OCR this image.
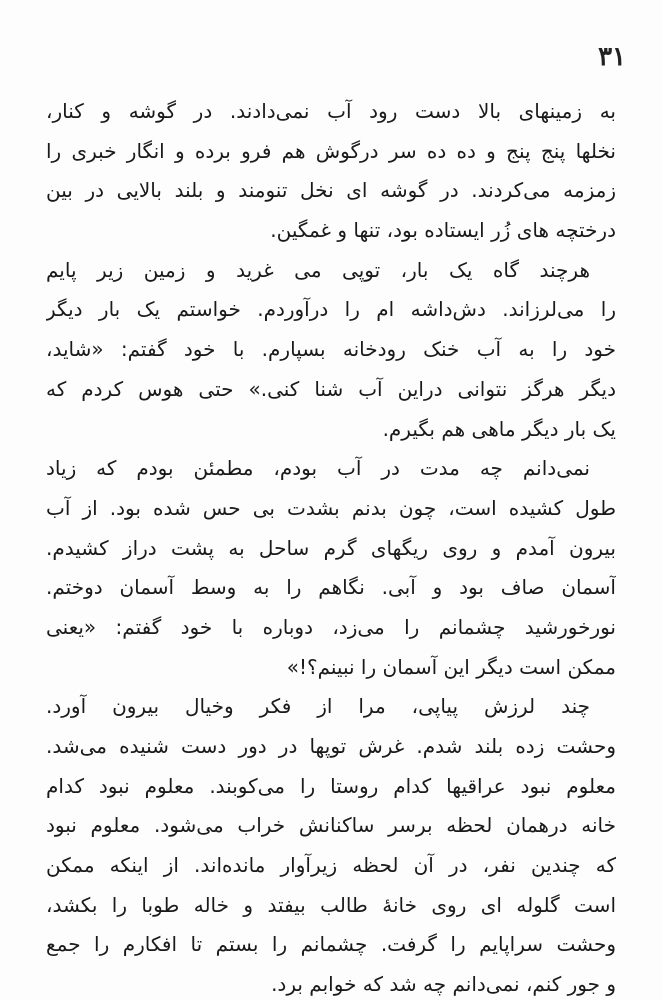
۳۱
به زمینهای بالا دست رود آب نمی‌دادند. در گوشه و کنار،
نخلها پنج پنج و ده ده سر درگوش هم فرو برده و انگار خبری را
زمزمه می‌کردند. در گوشه ای نخل تنومند و بلند بالایی در بین
درختچه های زُر ایستاده بود، تنها و غمگین.
هرچند گاه یک بار، توپی می غرید و زمین زیر پایم
را می‌لرزاند. دش‌داشه ام را درآوردم. خواستم یک بار دیگر
خود را به آب خنک رودخانه بسپارم. با خود گفتم: «شاید،
دیگر هرگز نتوانی دراین آب شنا کنی.» حتی هوس کردم که
یک بار دیگر ماهی هم بگیرم.
نمی‌دانم چه مدت در آب بودم، مطمئن بودم که زیاد
طول کشیده است، چون بدنم بشدت بی حس شده بود. از آب
بیرون آمدم و روی ریگهای گرم ساحل به پشت دراز کشیدم.
آسمان صاف بود و آبی. نگاهم را به وسط آسمان دوختم.
نورخورشید چشمانم را می‌زد، دوباره با خود گفتم: «یعنی
ممکن است دیگر این آسمان را نبینم؟!»
چند لرزش پیاپی، مرا از فکر وخیال بیرون آورد.
وحشت زده بلند شدم. غرش توپها در دور دست شنیده می‌شد.
معلوم نبود عراقیها کدام روستا را می‌کوبند. معلوم نبود کدام
خانه درهمان لحظه برسر ساکنانش خراب می‌شود. معلوم نبود
که چندین نفر، در آن لحظه زیرآوار مانده‌اند. از اینکه ممکن
است گلوله ای روی خانهٔ طالب بیفتد و خاله طوبا را بکشد،
وحشت سراپایم را گرفت. چشمانم را بستم تا افکارم را جمع
و جور کنم، نمی‌دانم چه شد که خوابم برد.
